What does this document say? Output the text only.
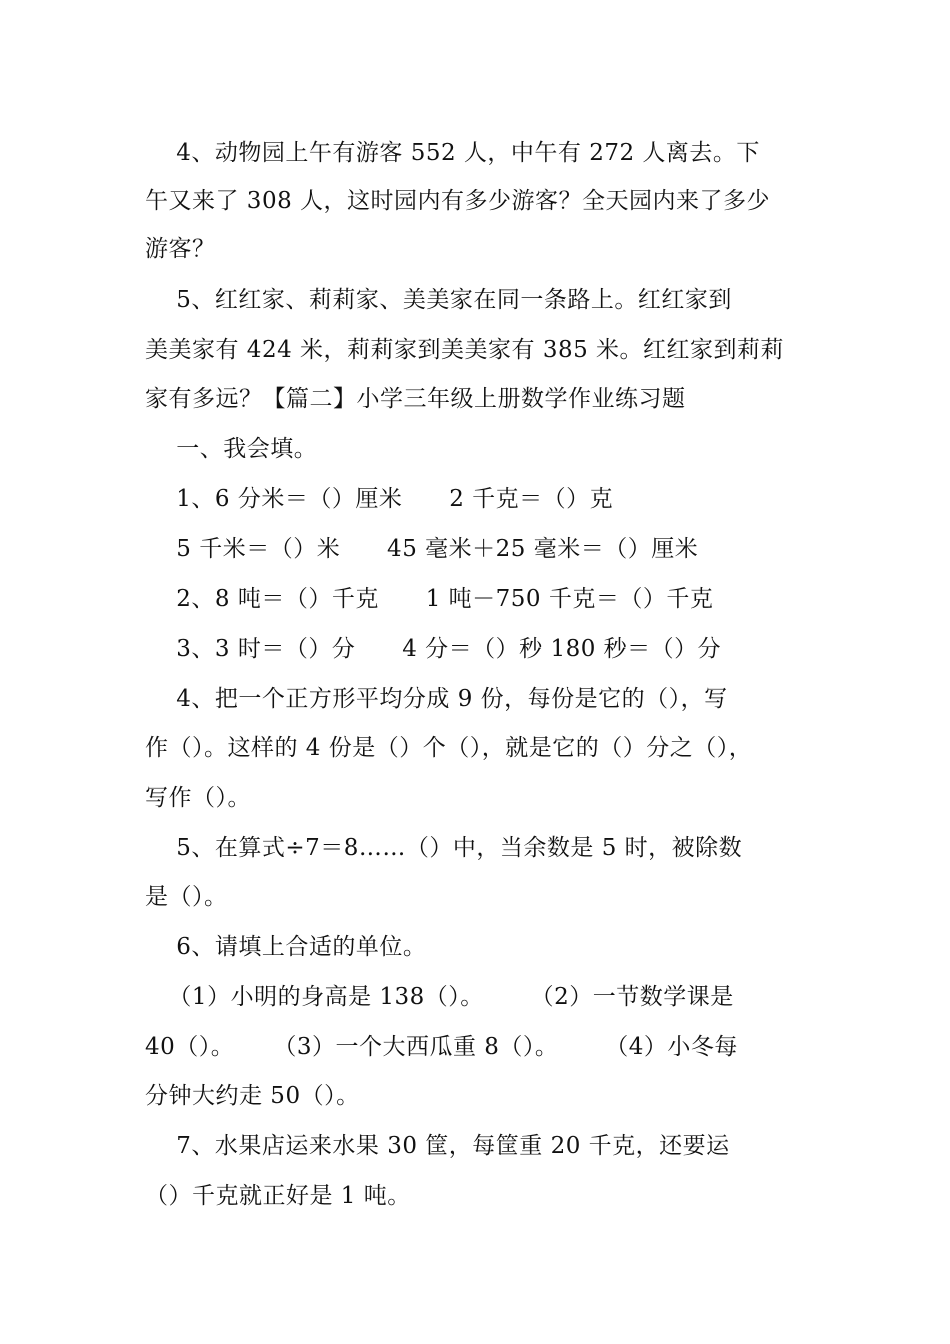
4、动物园上午有游客 552 人，中午有 272 人离去。下
午又来了 308 人，这时园内有多少游客？全天园内来了多少
游客？
5、红红家、莉莉家、美美家在同一条路上。红红家到
美美家有 424 米，莉莉家到美美家有 385 米。红红家到莉莉
家有多远？【篇二】小学三年级上册数学作业练习题
一、我会填。
1、6 分米＝（）厘米      2 千克＝（）克
5 千米＝（）米      45 毫米＋25 毫米＝（）厘米
2、8 吨＝（）千克      1 吨－750 千克＝（）千克
3、3 时＝（）分      4 分＝（）秒 180 秒＝（）分
4、把一个正方形平均分成 9 份，每份是它的（），写
作（）。这样的 4 份是（）个（），就是它的（）分之（），
写作（）。
5、在算式÷7＝8……（）中，当余数是 5 时，被除数
是（）。
6、请填上合适的单位。
（1）小明的身高是 138（）。      （2）一节数学课是
40（）。     （3）一个大西瓜重 8（）。      （4）小冬每
分钟大约走 50（）。
7、水果店运来水果 30 筐，每筐重 20 千克，还要运
（）千克就正好是 1 吨。
